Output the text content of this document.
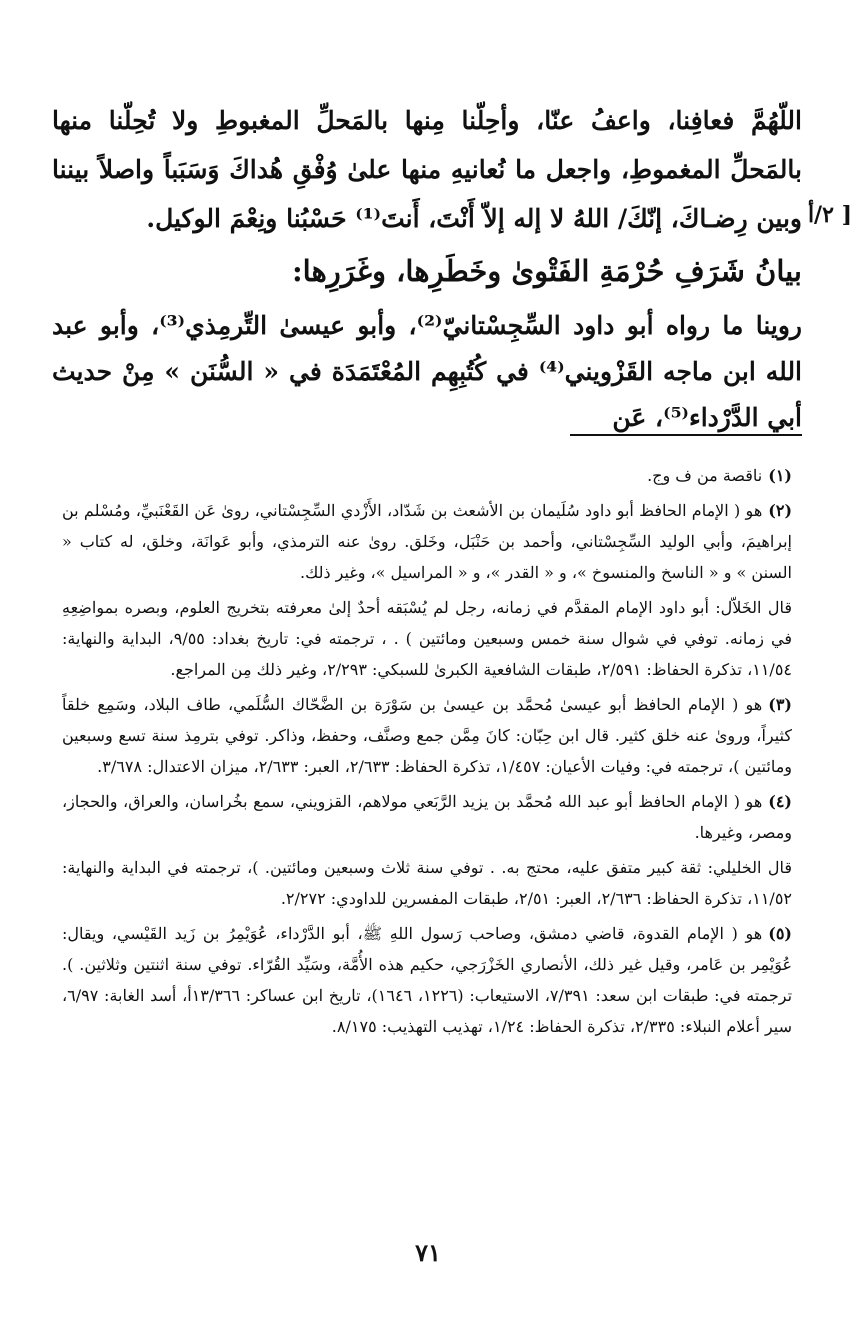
٢/أ ]

اللّهُمَّ فعافِنا، واعفُ عنّا، وأحِلّنا مِنها بالمَحلِّ المغبوطِ ولا تُحِلّنا منها بالمَحلِّ المغموطِ، واجعل ما نُعانيهِ منها علىٰ وُفْقِ هُداكَ وَسَبَباً واصلاً بيننا وبين رِضـاكَ، إنّكَ/ اللهُ لا إله إلاّ أَنْتَ، أَنتَ⁽¹⁾ حَسْبُنا ونِعْمَ الوكيل.

بيانُ شَرَفِ حُرْمَةِ الفَتْوىٰ وخَطَرِها، وغَرَرِها:

روينا ما رواه أبو داود السِّجِسْتانيّ⁽²⁾، وأبو عيسىٰ التِّرمِذي⁽³⁾، وأبو عبد الله ابن ماجه القَزْويني⁽⁴⁾ في كُتُبِهِم المُعْتَمَدَة في « السُّنَن » مِنْ حديث أبي الدَّرْداء⁽⁵⁾، عَن

(١)ناقصة من ف وج.

(٢)هو ( الإمام الحافظ أبو داود سُلَيمان بن الأشعث بن شَدّاد، الأَزْدي السِّجِسْتاني، روىٰ عَن القَعْنَبيِّ، ومُسْلم بن إبراهيمَ، وأبي الوليد السِّجِسْتاني، وأحمد بن حَنْبَل، وخَلق. روىٰ عنه الترمذي، وأبو عَوانَة، وخلق، له كتاب « السنن » و « الناسخ والمنسوخ »، و « القدر »، و « المراسيل »، وغير ذلك.

قال الخَلاّل: أبو داود الإمام المقدَّم في زمانه، رجل لم يُسْبَقه أحدٌ إلىٰ معرفته بتخريج العلوم، وبصره بمواضِعِهِ في زمانه. توفي في شوال سنة خمس وسبعين ومائتين ) . ، ترجمته في: تاريخ بغداد: ٩/٥٥، البداية والنهاية: ١١/٥٤، تذكرة الحفاظ: ٢/٥٩١، طبقات الشافعية الكبرىٰ للسبكي: ٢/٢٩٣، وغير ذلك مِن المراجع.

(٣)هو ( الإمام الحافظ أبو عيسىٰ مُحمَّد بن عيسىٰ بن سَوْرَة بن الضَّحّاك السُّلَمي، طاف البلاد، وسَمِع خلقاً كثيراً، وروىٰ عنه خلق كثير. قال ابن حِبّان: كانَ مِمَّن جمع وصنَّف، وحفظ، وذاكر. توفي بترمِذ سنة تسع وسبعين ومائتين )، ترجمته في: وفيات الأعيان: ١/٤٥٧، تذكرة الحفاظ: ٢/٦٣٣، العبر: ٢/٦٣٣، ميزان الاعتدال: ٣/٦٧٨.

(٤)هو ( الإمام الحافظ أبو عبد الله مُحمَّد بن يزيد الرَّبَعي مولاهم، القزويني، سمع بخُراسان، والعراق، والحجاز، ومصر، وغيرها.

قال الخليلي: ثقة كبير متفق عليه، محتج به. . توفي سنة ثلاث وسبعين ومائتين. )، ترجمته في البداية والنهاية: ١١/٥٢، تذكرة الحفاظ: ٢/٦٣٦، العبر: ٢/٥١، طبقات المفسرين للداودي: ٢/٢٧٢.

(٥)هو ( الإمام القدوة، قاضي دمشق، وصاحب رَسول اللهِ ﷺ، أبو الدَّرْداء، عُوَيْمِرُ بن زَيد القَيْسي، ويقال: عُوَيْمِر بن عَامر، وقيل غير ذلك، الأنصاري الخَزْرَجي، حكيم هذه الأُمَّة، وسَيِّد القُرّاء. توفي سنة اثنتين وثلاثين. ). ترجمته في: طبقات ابن سعد: ٧/٣٩١، الاستيعاب: (١٢٢٦، ١٦٤٦)، تاريخ ابن عساكر: ١٣/٣٦٦أ، أسد الغابة: ٦/٩٧، سير أعلام النبلاء: ٢/٣٣٥، تذكرة الحفاظ: ١/٢٤، تهذيب التهذيب: ٨/١٧٥.

٧١
